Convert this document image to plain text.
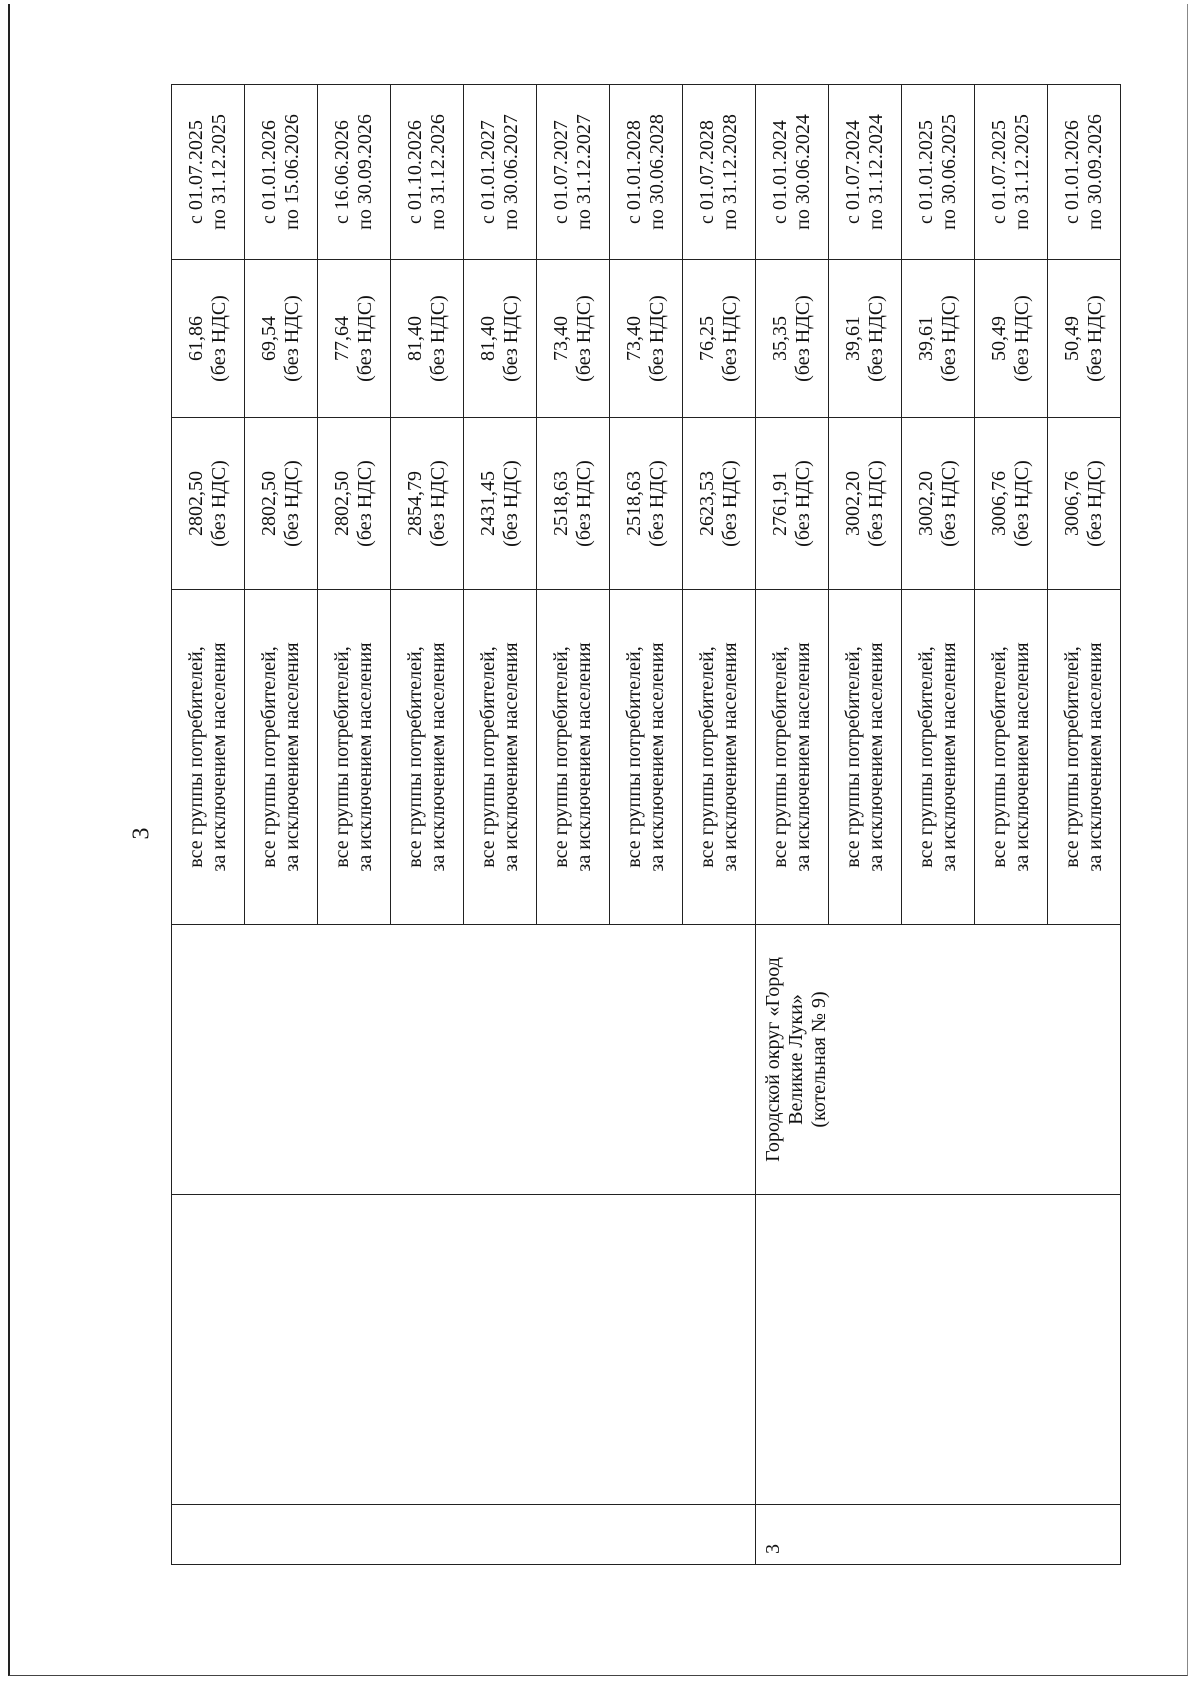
3

			все группы потребителей, за исключением населения	2802,50 (без НДС)	61,86 (без НДС)	с 01.07.2025 по 31.12.2025

			все группы потребителей, за исключением населения	2802,50 (без НДС)	69,54 (без НДС)	с 01.01.2026 по 15.06.2026

			все группы потребителей, за исключением населения	2802,50 (без НДС)	77,64 (без НДС)	с 16.06.2026 по 30.09.2026

			все группы потребителей, за исключением населения	2854,79 (без НДС)	81,40 (без НДС)	с 01.10.2026 по 31.12.2026

			все группы потребителей, за исключением населения	2431,45 (без НДС)	81,40 (без НДС)	с 01.01.2027 по 30.06.2027

			все группы потребителей, за исключением населения	2518,63 (без НДС)	73,40 (без НДС)	с 01.07.2027 по 31.12.2027

			все группы потребителей, за исключением населения	2518,63 (без НДС)	73,40 (без НДС)	с 01.01.2028 по 30.06.2028

			все группы потребителей, за исключением населения	2623,53 (без НДС)	76,25 (без НДС)	с 01.07.2028 по 31.12.2028

3		Городской округ «Город Великие Луки» (котельная № 9)	все группы потребителей, за исключением населения	2761,91 (без НДС)	35,35 (без НДС)	с 01.01.2024 по 30.06.2024

			все группы потребителей, за исключением населения	3002,20 (без НДС)	39,61 (без НДС)	с 01.07.2024 по 31.12.2024

			все группы потребителей, за исключением населения	3002,20 (без НДС)	39,61 (без НДС)	с 01.01.2025 по 30.06.2025

			все группы потребителей, за исключением населения	3006,76 (без НДС)	50,49 (без НДС)	с 01.07.2025 по 31.12.2025

			все группы потребителей, за исключением населения	3006,76 (без НДС)	50,49 (без НДС)	с 01.01.2026 по 30.09.2026
